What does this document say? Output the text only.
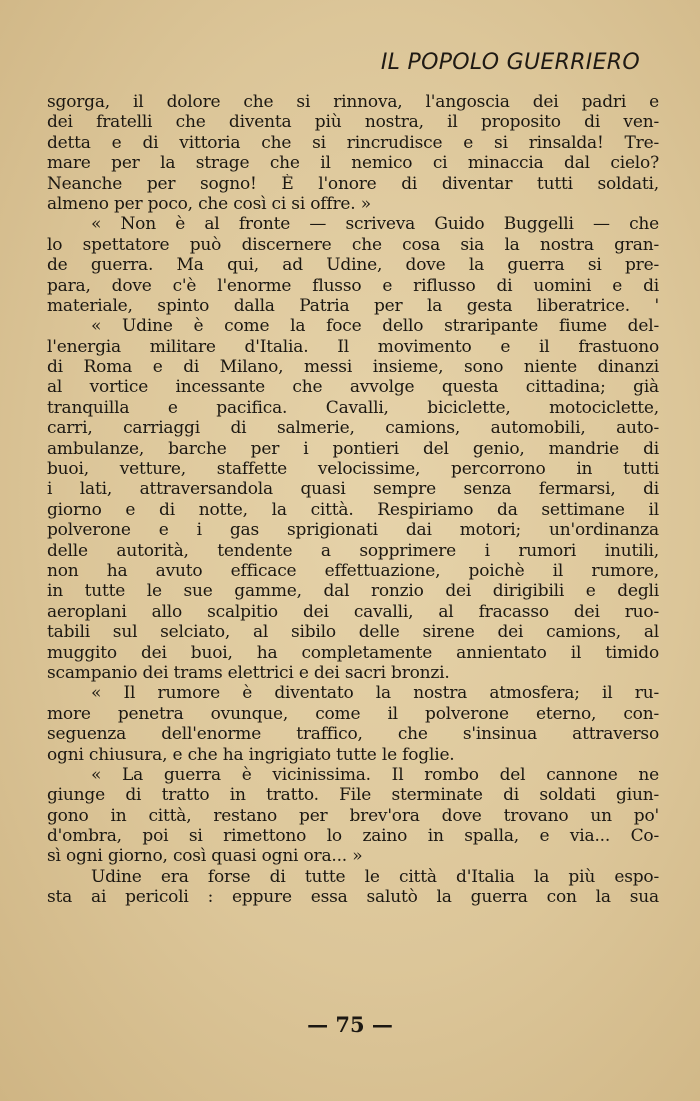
IL POPOLO GUERRIERO
sgorga, il dolore che si rinnova, l'angoscia dei padri e
dei fratelli che diventa più nostra, il proposito di ven-
detta e di vittoria che si rincrudisce e si rinsalda! Tre-
mare per la strage che il nemico ci minaccia dal cielo?
Neanche per sogno! È l'onore di diventar tutti soldati,
almeno per poco, che così ci si offre. »
« Non è al fronte — scriveva Guido Buggelli — che
lo spettatore può discernere che cosa sia la nostra gran-
de guerra. Ma qui, ad Udine, dove la guerra si pre-
para, dove c'è l'enorme flusso e riflusso di uomini e di
materiale, spinto dalla Patria per la gesta liberatrice. '
« Udine è come la foce dello straripante fiume del-
l'energia militare d'Italia. Il movimento e il frastuono
di Roma e di Milano, messi insieme, sono niente dinanzi
al vortice incessante che avvolge questa cittadina; già
tranquilla e pacifica. Cavalli, biciclette, motociclette,
carri, carriaggi di salmerie, camions, automobili, auto-
ambulanze, barche per i pontieri del genio, mandrie di
buoi, vetture, staffette velocissime, percorrono in tutti
i lati, attraversandola quasi sempre senza fermarsi, di
giorno e di notte, la città. Respiriamo da settimane il
polverone e i gas sprigionati dai motori; un'ordinanza
delle autorità, tendente a sopprimere i rumori inutili,
non ha avuto efficace effettuazione, poichè il rumore,
in tutte le sue gamme, dal ronzio dei dirigibili e degli
aeroplani allo scalpitio dei cavalli, al fracasso dei ruo-
tabili sul selciato, al sibilo delle sirene dei camions, al
muggito dei buoi, ha completamente annientato il timido
scampanio dei trams elettrici e dei sacri bronzi.
« Il rumore è diventato la nostra atmosfera; il ru-
more penetra ovunque, come il polverone eterno, con-
seguenza dell'enorme traffico, che s'insinua attraverso
ogni chiusura, e che ha ingrigiato tutte le foglie.
« La guerra è vicinissima. Il rombo del cannone ne
giunge di tratto in tratto. File sterminate di soldati giun-
gono in città, restano per brev'ora dove trovano un po'
d'ombra, poi si rimettono lo zaino in spalla, e via... Co-
sì ogni giorno, così quasi ogni ora... »
Udine era forse di tutte le città d'Italia la più espo-
sta ai pericoli : eppure essa salutò la guerra con la sua
— 75 —
